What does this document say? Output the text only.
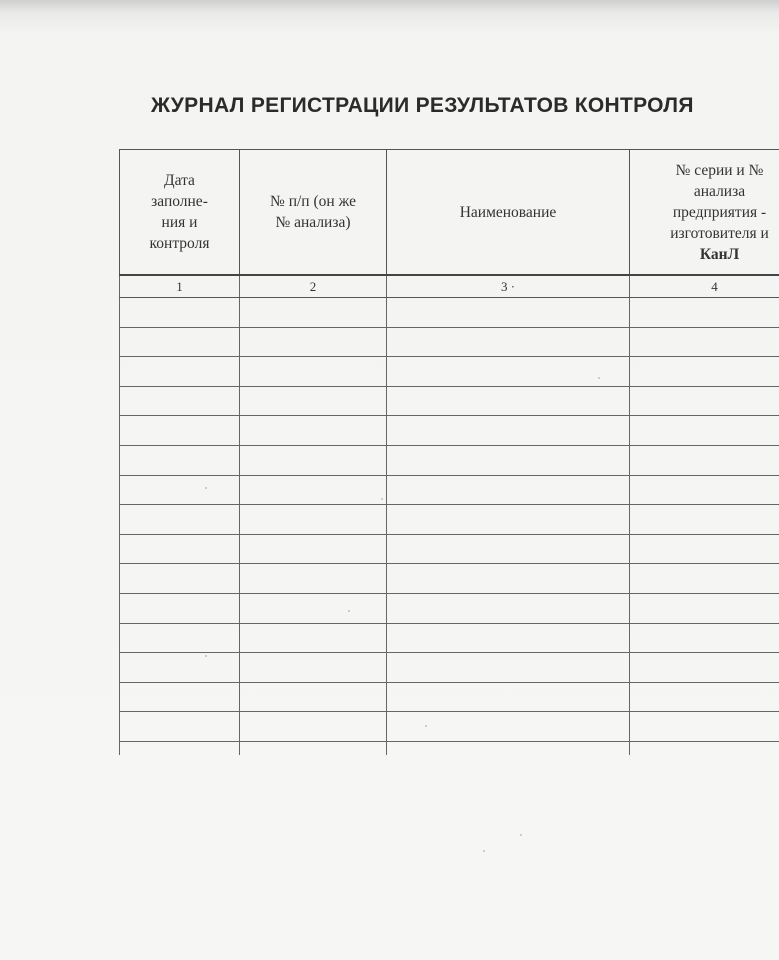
ЖУРНАЛ РЕГИСТРАЦИИ РЕЗУЛЬТАТОВ КОНТРОЛЯ
Дата
заполне-
ния и
контроля	№ п/п (он же
№ анализа)	Наименование	№ серии и №
анализа
предприятия -
изготовителя и
КанЛ
1	2	3 ·	4
